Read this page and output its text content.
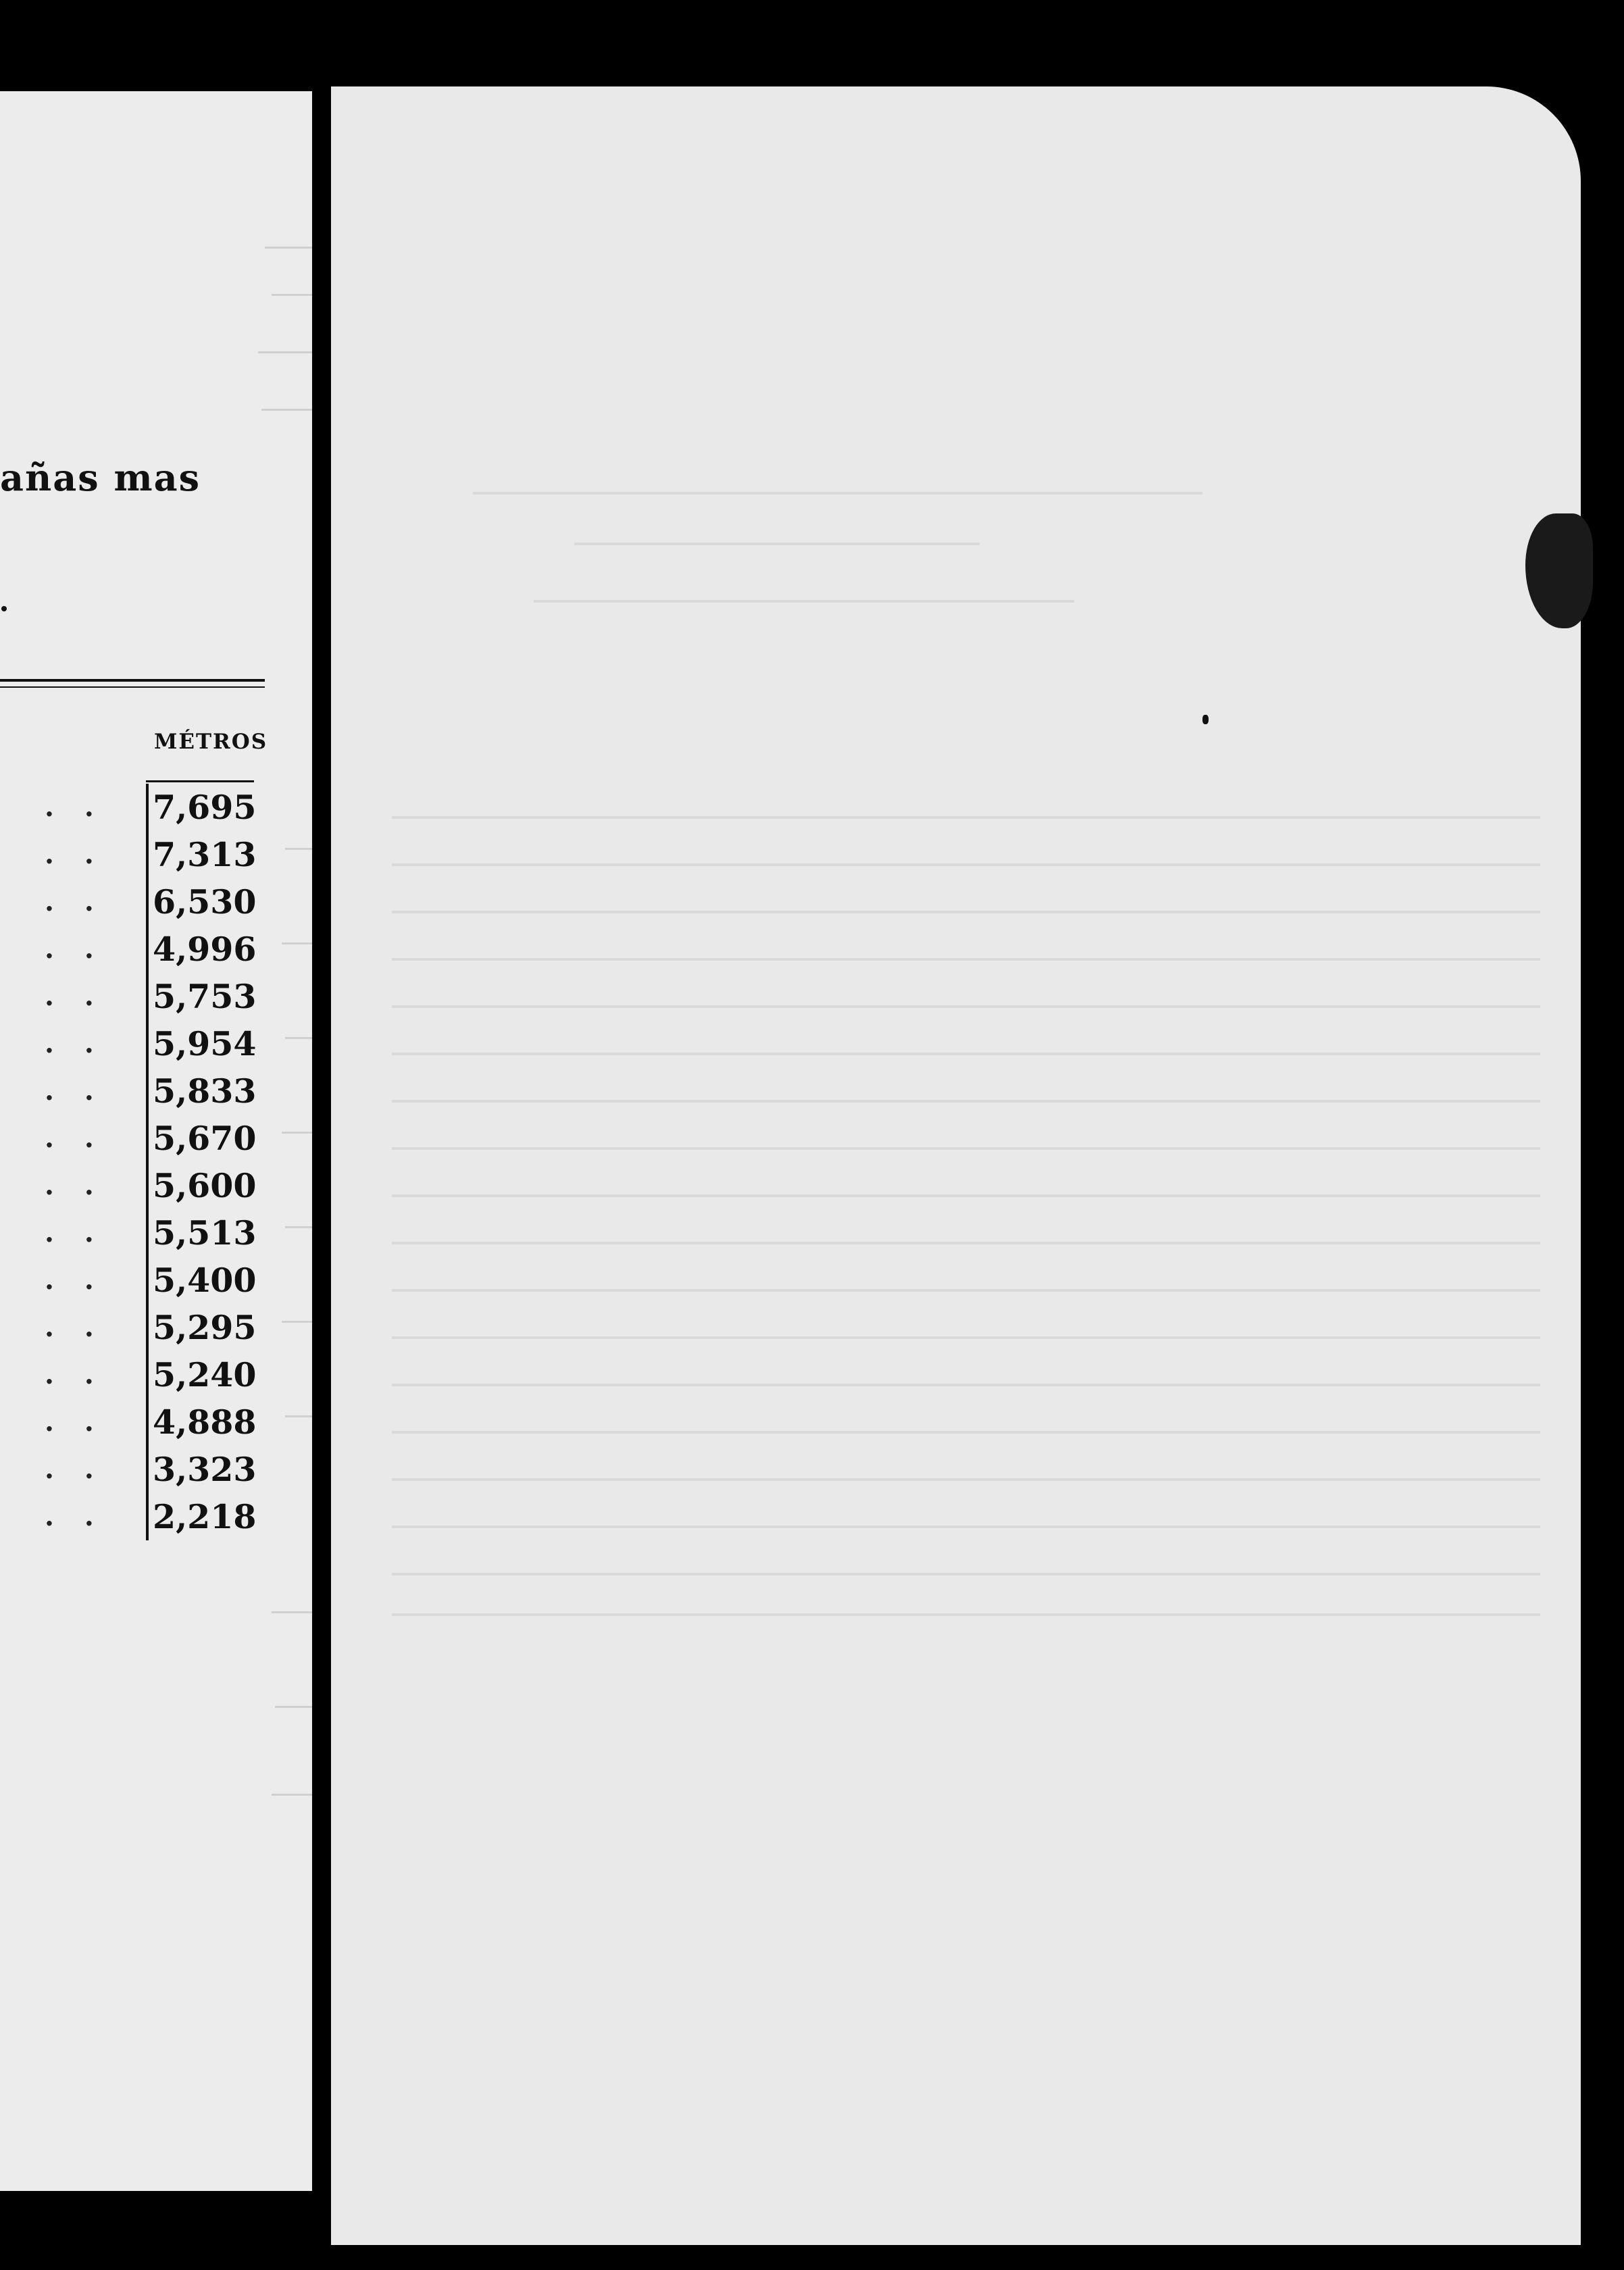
añas mas
MÉTROS
.. 7,695
.. 7,313
.. 6,530
.. 4,996
.. 5,753
.. 5,954
.. 5,833
.. 5,670
.. 5,600
.. 5,513
.. 5,400
.. 5,295
.. 5,240
.. 4,888
.. 3,323
.. 2,218
